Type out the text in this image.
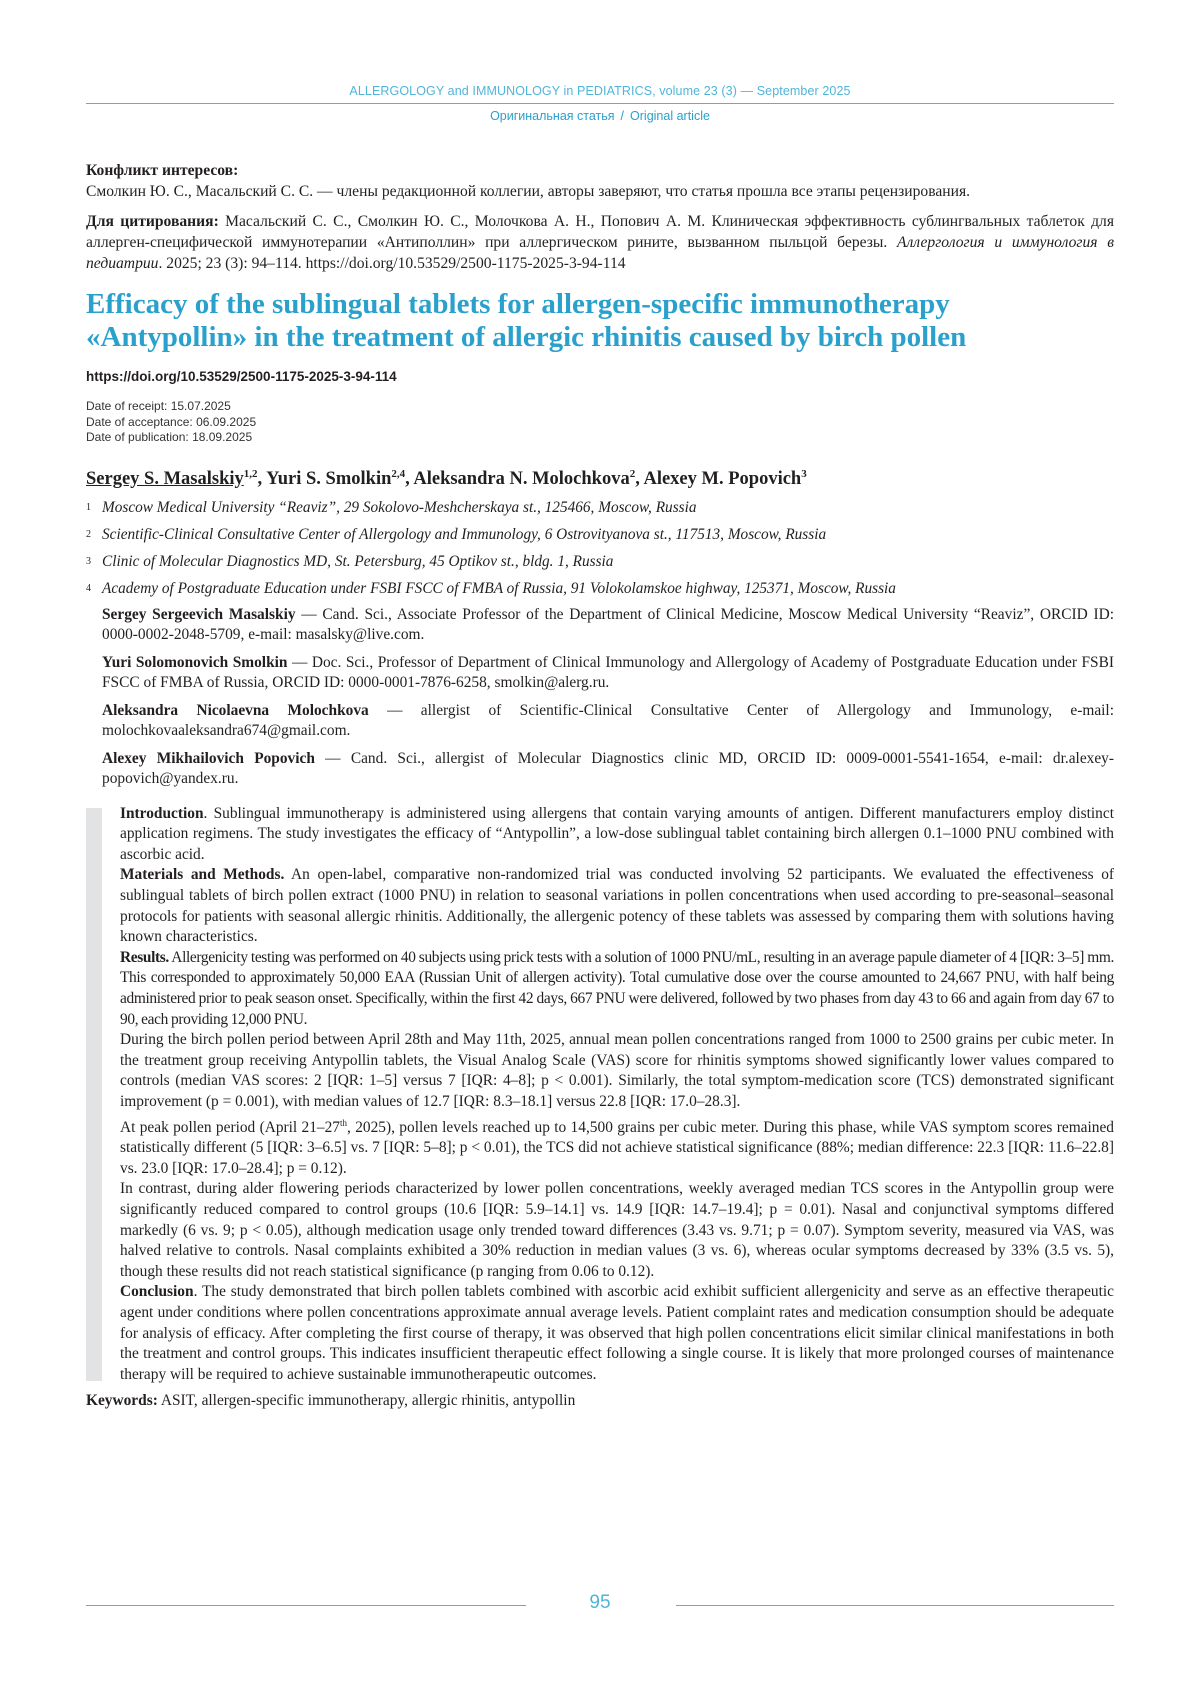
ALLERGOLOGY and IMMUNOLOGY in PEDIATRICS, volume 23 (3) — September 2025
Оригинальная статья / Original article
Конфликт интересов:
Смолкин Ю. С., Масальский С. С. — члены редакционной коллегии, авторы заверяют, что статья прошла все этапы рецензирования.
Для цитирования: Масальский С. С., Смолкин Ю. С., Молочкова А. Н., Попович А. М. Клиническая эффективность сублингвальных таблеток для аллерген-специфической иммунотерапии «Антиполлин» при аллергическом рините, вызванном пыльцой березы. Аллергология и иммунология в педиатрии. 2025; 23 (3): 94–114. https://doi.org/10.53529/2500-1175-2025-3-94-114
Efficacy of the sublingual tablets for allergen-specific immunotherapy «Antypollin» in the treatment of allergic rhinitis caused by birch pollen
https://doi.org/10.53529/2500-1175-2025-3-94-114
Date of receipt: 15.07.2025
Date of acceptance: 06.09.2025
Date of publication: 18.09.2025
Sergey S. Masalskiy$^{1,2}$, Yuri S. Smolkin$^{2,4}$, Aleksandra N. Molochkova$^2$, Alexey M. Popovich$^3$
1 Moscow Medical University “Reaviz”, 29 Sokolovo-Meshcherskaya st., 125466, Moscow, Russia
2 Scientific-Clinical Consultative Center of Allergology and Immunology, 6 Ostrovityanova st., 117513, Moscow, Russia
3 Clinic of Molecular Diagnostics MD, St. Petersburg, 45 Optikov st., bldg. 1, Russia
4 Academy of Postgraduate Education under FSBI FSCC of FMBA of Russia, 91 Volokolamskoe highway, 125371, Moscow, Russia
Sergey Sergeevich Masalskiy — Cand. Sci., Associate Professor of the Department of Clinical Medicine, Moscow Medical University “Reaviz”, ORCID ID: 0000-0002-2048-5709, e-mail: masalsky@live.com.
Yuri Solomonovich Smolkin — Doc. Sci., Professor of Department of Clinical Immunology and Allergology of Academy of Postgraduate Education under FSBI FSCC of FMBA of Russia, ORCID ID: 0000-0001-7876-6258, smolkin@alerg.ru.
Aleksandra Nicolaevna Molochkova — allergist of Scientific-Clinical Consultative Center of Allergology and Immunology, e-mail: molochkovaaleksandra674@gmail.com.
Alexey Mikhailovich Popovich — Cand. Sci., allergist of Molecular Diagnostics clinic MD, ORCID ID: 0009-0001-5541-1654, e-mail: dr.alexey-popovich@yandex.ru.

Introduction. Sublingual immunotherapy is administered using allergens that contain varying amounts of antigen. Different manufacturers employ distinct application regimens. The study investigates the efficacy of “Antypollin”, a low-dose sublingual tablet containing birch allergen 0.1–1000 PNU combined with ascorbic acid.

Materials and Methods. An open-label, comparative non-randomized trial was conducted involving 52 participants. We evaluated the effectiveness of sublingual tablets of birch pollen extract (1000 PNU) in relation to seasonal variations in pollen concentrations when used according to pre-seasonal–seasonal protocols for patients with seasonal allergic rhinitis. Additionally, the allergenic potency of these tablets was assessed by comparing them with solutions having known characteristics.

Results. Allergenicity testing was performed on 40 subjects using prick tests with a solution of 1000 PNU/mL, resulting in an average papule diameter of 4 [IQR: 3–5] mm. This corresponded to approximately 50,000 EAA (Russian Unit of allergen activity). Total cumulative dose over the course amounted to 24,667 PNU, with half being administered prior to peak season onset. Specifically, within the first 42 days, 667 PNU were delivered, followed by two phases from day 43 to 66 and again from day 67 to 90, each providing 12,000 PNU.

During the birch pollen period between April 28th and May 11th, 2025, annual mean pollen concentrations ranged from 1000 to 2500 grains per cubic meter. In the treatment group receiving Antypollin tablets, the Visual Analog Scale (VAS) score for rhinitis symptoms showed significantly lower values compared to controls (median VAS scores: 2 [IQR: 1–5] versus 7 [IQR: 4–8]; p < 0.001). Similarly, the total symptom-medication score (TCS) demonstrated significant improvement (p = 0.001), with median values of 12.7 [IQR: 8.3–18.1] versus 22.8 [IQR: 17.0–28.3].

At peak pollen period (April 21–27th, 2025), pollen levels reached up to 14,500 grains per cubic meter. During this phase, while VAS symptom scores remained statistically different (5 [IQR: 3–6.5] vs. 7 [IQR: 5–8]; p < 0.01), the TCS did not achieve statistical significance (88%; median difference: 22.3 [IQR: 11.6–22.8] vs. 23.0 [IQR: 17.0–28.4]; p = 0.12).

In contrast, during alder flowering periods characterized by lower pollen concentrations, weekly averaged median TCS scores in the Antypollin group were significantly reduced compared to control groups (10.6 [IQR: 5.9–14.1] vs. 14.9 [IQR: 14.7–19.4]; p = 0.01). Nasal and conjunctival symptoms differed markedly (6 vs. 9; p < 0.05), although medication usage only trended toward differences (3.43 vs. 9.71; p = 0.07). Symptom severity, measured via VAS, was halved relative to controls. Nasal complaints exhibited a 30% reduction in median values (3 vs. 6), whereas ocular symptoms decreased by 33% (3.5 vs. 5), though these results did not reach statistical significance (p ranging from 0.06 to 0.12).

Conclusion. The study demonstrated that birch pollen tablets combined with ascorbic acid exhibit sufficient allergenicity and serve as an effective therapeutic agent under conditions where pollen concentrations approximate annual average levels. Patient complaint rates and medication consumption should be adequate for analysis of efficacy. After completing the first course of therapy, it was observed that high pollen concentrations elicit similar clinical manifestations in both the treatment and control groups. This indicates insufficient therapeutic effect following a single course. It is likely that more prolonged courses of maintenance therapy will be required to achieve sustainable immunotherapeutic outcomes.

Keywords: ASIT, allergen-specific immunotherapy, allergic rhinitis, antypollin
95
